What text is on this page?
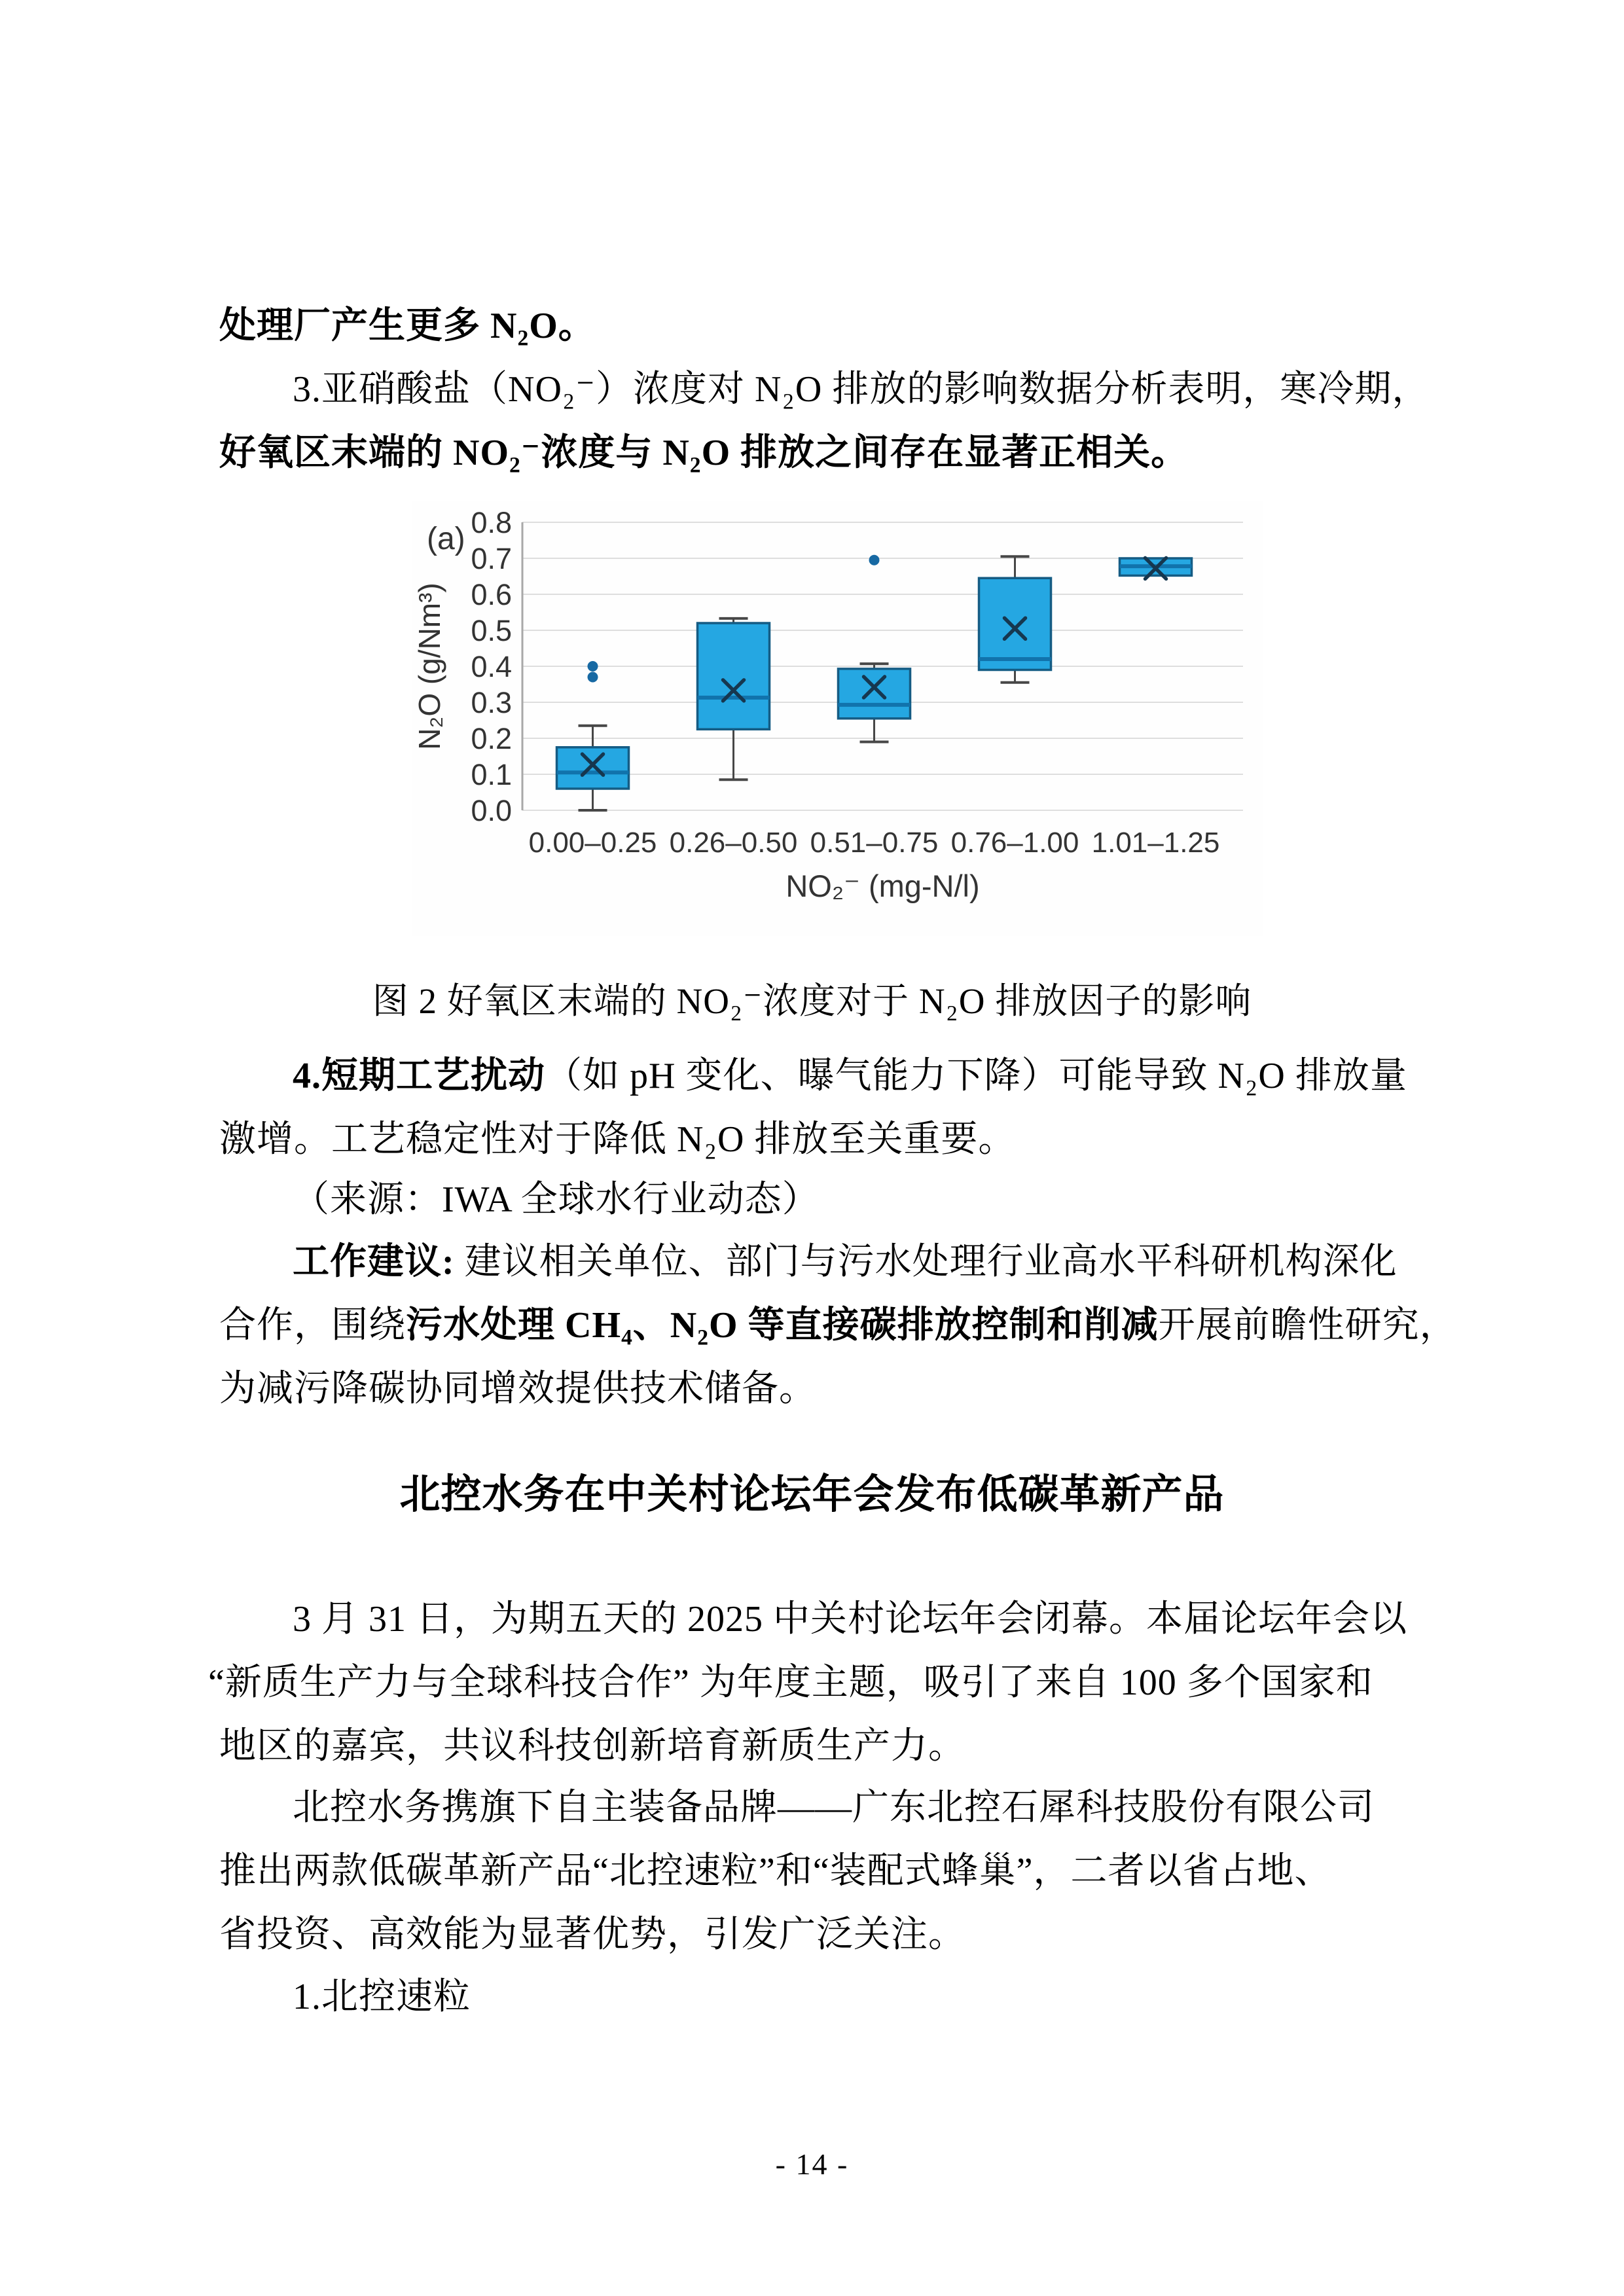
处理厂产生更多 N₂O。
3.亚硝酸盐（NO₂⁻）浓度对 N₂O 排放的影响数据分析表明，寒冷期，
好氧区末端的 NO₂⁻浓度与 N₂O 排放之间存在显著正相关。
0.0
0.1
0.2
0.3
0.4
0.5
0.6
0.7
0.8
0.00–0.25 0.26–0.50 0.51–0.75 0.76–1.00 1.01–1.25
(a)
NO₂⁻ (mg-N/l)
N₂O (g/Nm³)
图 2 好氧区末端的 NO₂⁻浓度对于 N₂O 排放因子的影响
4.短期工艺扰动（如 pH 变化、曝气能力下降）可能导致 N₂O 排放量
激增。工艺稳定性对于降低 N₂O 排放至关重要。
（来源：IWA 全球水行业动态）
工作建议: 建议相关单位、部门与污水处理行业高水平科研机构深化
合作，围绕污水处理 CH₄、N₂O 等直接碳排放控制和削减开展前瞻性研究，
为减污降碳协同增效提供技术储备。
北控水务在中关村论坛年会发布低碳革新产品
3 月 31 日，为期五天的 2025 中关村论坛年会闭幕。本届论坛年会以
“新质生产力与全球科技合作” 为年度主题，吸引了来自 100 多个国家和
地区的嘉宾，共议科技创新培育新质生产力。
北控水务携旗下自主装备品牌——广东北控石犀科技股份有限公司
推出两款低碳革新产品“北控速粒”和“装配式蜂巢”，二者以省占地、
省投资、高效能为显著优势，引发广泛关注。
1.北控速粒
- 14 -
